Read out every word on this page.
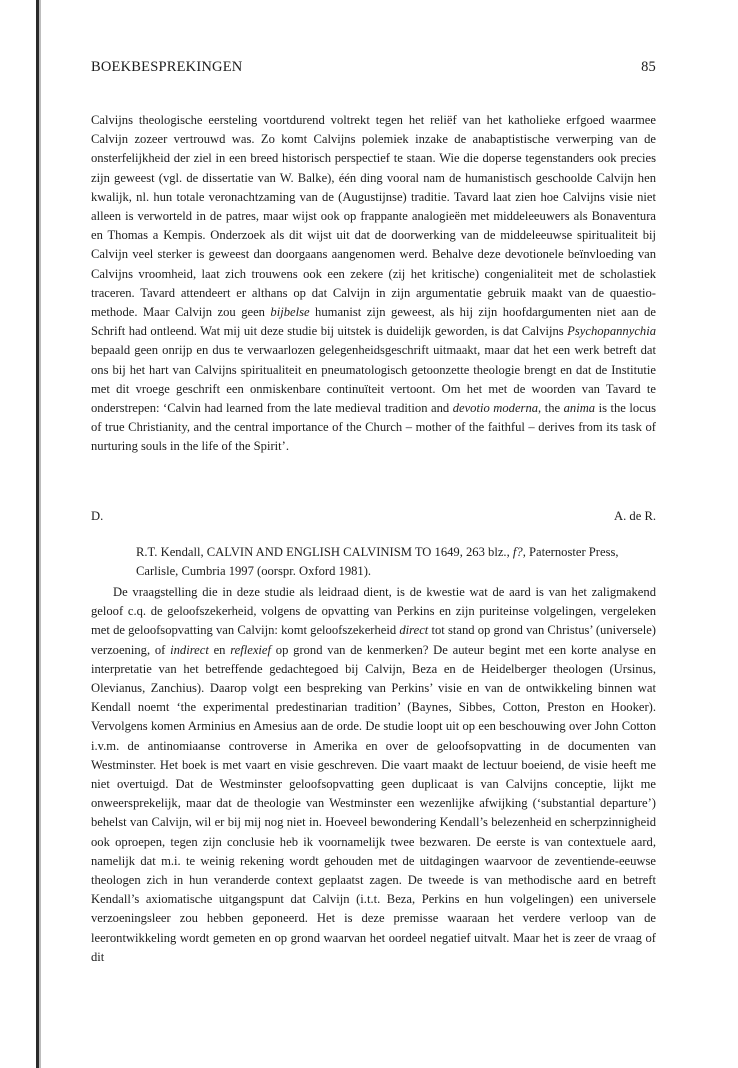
BOEKBESPREKINGEN	85

Calvijns theologische eersteling voortdurend voltrekt tegen het reliëf van het katholieke erfgoed waarmee Calvijn zozeer vertrouwd was. Zo komt Calvijns polemiek inzake de anabaptistische verwerping van de onsterfelijkheid der ziel in een breed historisch perspectief te staan. Wie die doperse tegenstanders ook precies zijn geweest (vgl. de dissertatie van W. Balke), één ding vooral nam de humanistisch geschoolde Calvijn hen kwalijk, nl. hun totale veronachtzaming van de (Augustijnse) traditie. Tavard laat zien hoe Calvijns visie niet alleen is verworteld in de patres, maar wijst ook op frappante analogieën met middeleeuwers als Bonaventura en Thomas a Kempis. Onderzoek als dit wijst uit dat de doorwerking van de middeleeuwse spiritualiteit bij Calvijn veel sterker is geweest dan doorgaans aangenomen werd. Behalve deze devotionele beïnvloeding van Calvijns vroomheid, laat zich trouwens ook een zekere (zij het kritische) congenialiteit met de scholastiek traceren. Tavard attendeert er althans op dat Calvijn in zijn argumentatie gebruik maakt van de quaestio-methode. Maar Calvijn zou geen bijbelse humanist zijn geweest, als hij zijn hoofdargumenten niet aan de Schrift had ontleend. Wat mij uit deze studie bij uitstek is duidelijk geworden, is dat Calvijns Psychopannychia bepaald geen onrijp en dus te verwaarlozen gelegenheidsgeschrift uitmaakt, maar dat het een werk betreft dat ons bij het hart van Calvijns spiritualiteit en pneumatologisch getoonzette theologie brengt en dat de Institutie met dit vroege geschrift een onmiskenbare continuïteit vertoont. Om het met de woorden van Tavard te onderstrepen: ‘Calvin had learned from the late medieval tradition and devotio moderna, the anima is the locus of true Christianity, and the central importance of the Church – mother of the faithful – derives from its task of nurturing souls in the life of the Spirit’.

D.	A. de R.
R.T. Kendall, CALVIN AND ENGLISH CALVINISM TO 1649, 263 blz., f?, Paternoster Press, Carlisle, Cumbria 1997 (oorspr. Oxford 1981).
De vraagstelling die in deze studie als leidraad dient, is de kwestie wat de aard is van het zaligmakend geloof c.q. de geloofszekerheid, volgens de opvatting van Perkins en zijn puriteinse volgelingen, vergeleken met de geloofsopvatting van Calvijn: komt geloofszekerheid direct tot stand op grond van Christus’ (universele) verzoening, of indirect en reflexief op grond van de kenmerken? De auteur begint met een korte analyse en interpretatie van het betreffende gedachtegoed bij Calvijn, Beza en de Heidelberger theologen (Ursinus, Olevianus, Zanchius). Daarop volgt een bespreking van Perkins’ visie en van de ontwikkeling binnen wat Kendall noemt ‘the experimental predestinarian tradition’ (Baynes, Sibbes, Cotton, Preston en Hooker). Vervolgens komen Arminius en Amesius aan de orde. De studie loopt uit op een beschouwing over John Cotton i.v.m. de antinomiaanse controverse in Amerika en over de geloofsopvatting in de documenten van Westminster. Het boek is met vaart en visie geschreven. Die vaart maakt de lectuur boeiend, de visie heeft me niet overtuigd. Dat de Westminster geloofsopvatting geen duplicaat is van Calvijns conceptie, lijkt me onweersprekelijk, maar dat de theologie van Westminster een wezenlijke afwijking (‘substantial departure’) behelst van Calvijn, wil er bij mij nog niet in. Hoeveel bewondering Kendall’s belezenheid en scherpzinnigheid ook oproepen, tegen zijn conclusie heb ik voornamelijk twee bezwaren. De eerste is van contextuele aard, namelijk dat m.i. te weinig rekening wordt gehouden met de uitdagingen waarvoor de zeventiende-eeuwse theologen zich in hun veranderde context geplaatst zagen. De tweede is van methodische aard en betreft Kendall’s axiomatische uitgangspunt dat Calvijn (i.t.t. Beza, Perkins en hun volgelingen) een universele verzoeningsleer zou hebben geponeerd. Het is deze premisse waaraan het verdere verloop van de leerontwikkeling wordt gemeten en op grond waarvan het oordeel negatief uitvalt. Maar het is zeer de vraag of dit
